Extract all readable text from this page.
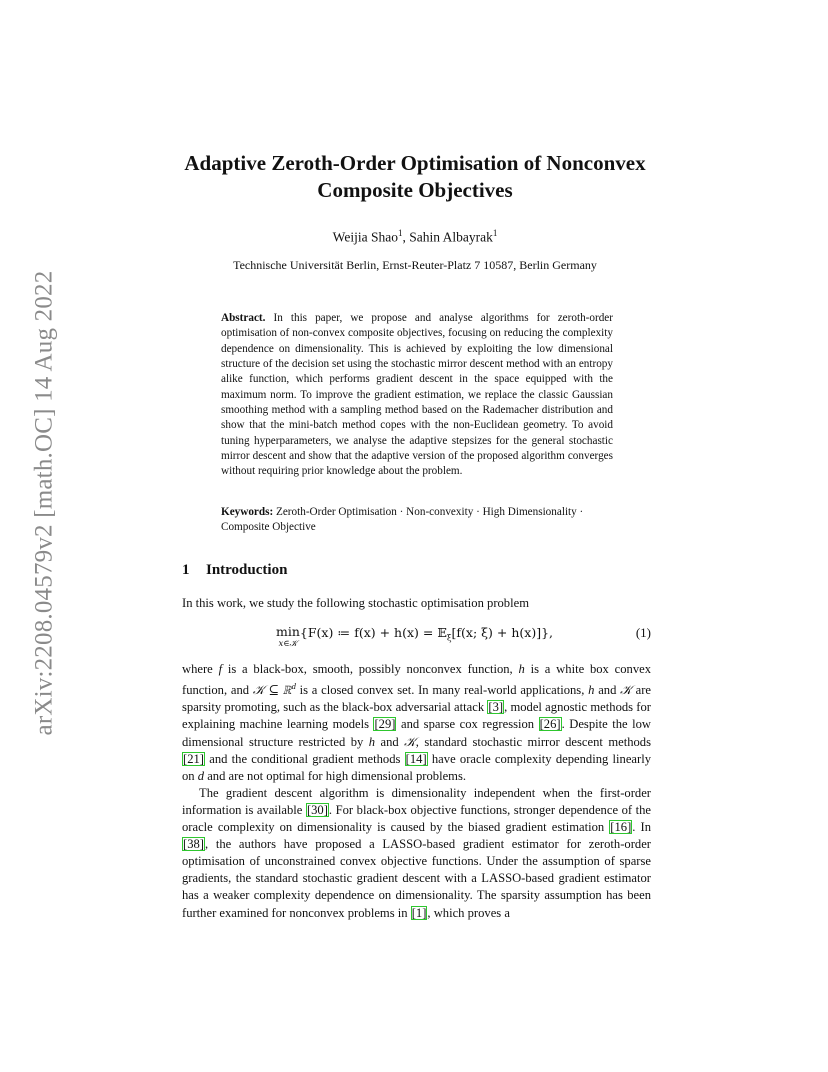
arXiv:2208.04579v2 [math.OC] 14 Aug 2022
Adaptive Zeroth-Order Optimisation of Nonconvex
Composite Objectives
Weijia Shao$^1$, Sahin Albayrak$^1$
Technische Universität Berlin, Ernst-Reuter-Platz 7 10587, Berlin Germany
Abstract. In this paper, we propose and analyse algorithms for zeroth-order optimisation of non-convex composite objectives, focusing on reducing the complexity dependence on dimensionality. This is achieved by exploiting the low dimensional structure of the decision set using the stochastic mirror descent method with an entropy alike function, which performs gradient descent in the space equipped with the maximum norm. To improve the gradient estimation, we replace the classic Gaussian smoothing method with a sampling method based on the Rademacher distribution and show that the mini-batch method copes with the non-Euclidean geometry. To avoid tuning hyperparameters, we analyse the adaptive stepsizes for the general stochastic mirror descent and show that the adaptive version of the proposed algorithm converges without requiring prior knowledge about the problem.
Keywords: Zeroth-Order Optimisation · Non-convexity · High Dimensionality · Composite Objective
1 Introduction
In this work, we study the following stochastic optimisation problem
min
x∈𝒦
{F(x) ≔ f(x) + h(x) = 𝔼$_\xi$[f(x; ξ) + h(x)]},	(1)

where f is a black-box, smooth, possibly nonconvex function, h is a white box convex function, and 𝒦 ⊆ ℝ$^d$ is a closed convex set. In many real-world applications, h and 𝒦 are sparsity promoting, such as the black-box adversarial attack [3], model agnostic methods for explaining machine learning models [29] and sparse cox regression [26]. Despite the low dimensional structure restricted by h and 𝒦, standard stochastic mirror descent methods [21] and the conditional gradient methods [14] have oracle complexity depending linearly on d and are not optimal for high dimensional problems.

The gradient descent algorithm is dimensionality independent when the first-order information is available [30]. For black-box objective functions, stronger dependence of the oracle complexity on dimensionality is caused by the biased gradient estimation [16]. In [38], the authors have proposed a LASSO-based gradient estimator for zeroth-order optimisation of unconstrained convex objective functions. Under the assumption of sparse gradients, the standard stochastic gradient descent with a LASSO-based gradient estimator has a weaker complexity dependence on dimensionality. The sparsity assumption has been further examined for nonconvex problems in [1], which proves a
